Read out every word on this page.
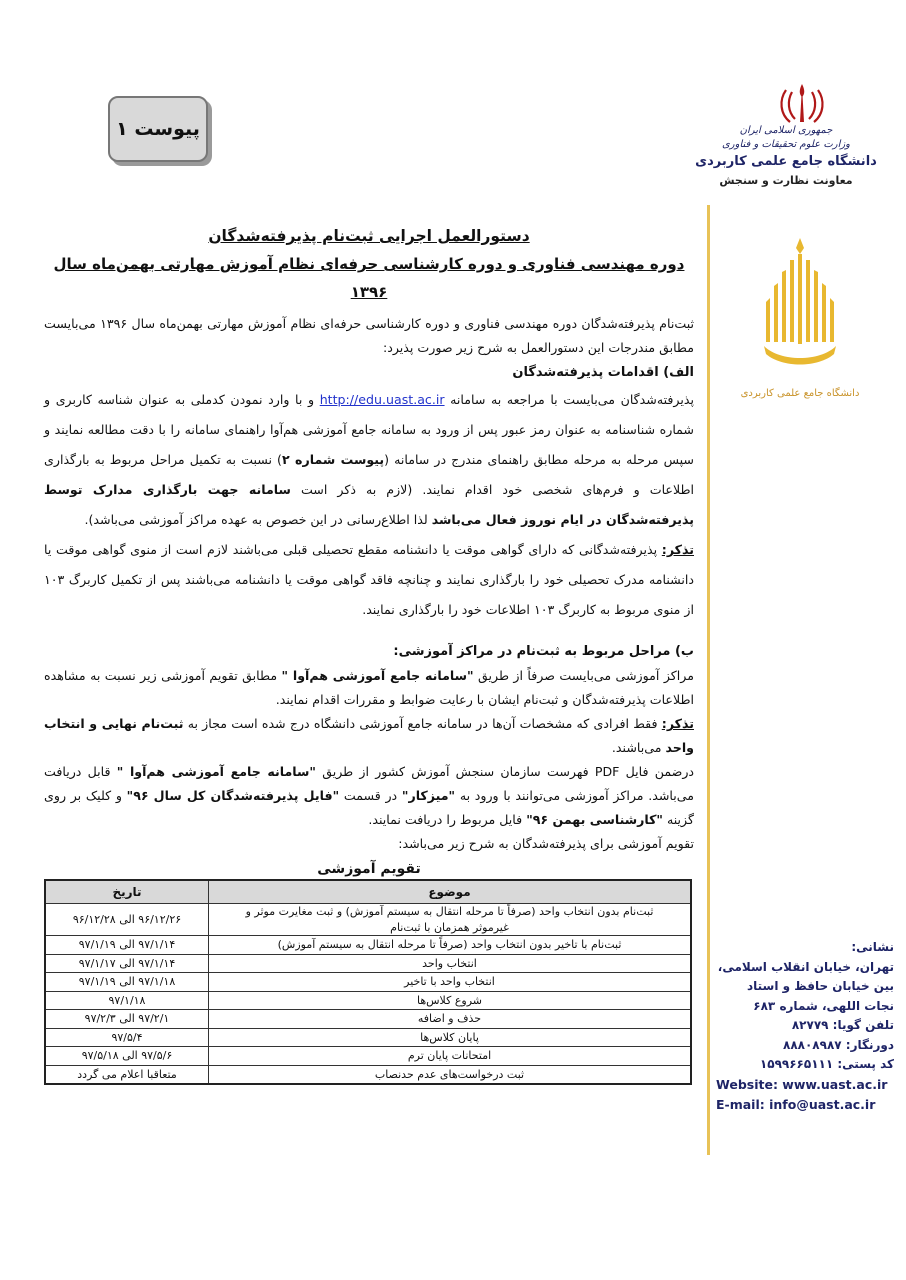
پیوست ۱	جمهوری اسلامی ایران
وزارت علوم تحقیقات و فناوری
دانشگاه جامع علمی کاربردی
معاونت نظارت و سنجش
دانشگاه جامع علمی کاربردی
نشانی:
تهران، خیابان انقلاب اسلامی،
بین خیابان حافظ و استاد
نجات اللهی، شماره ۶۸۳
تلفن گویا: ۸۲۷۷۹
دورنگار: ۸۸۸۰۸۹۸۷
کد پستی: ۱۵۹۹۶۶۵۱۱۱
Website: www.uast.ac.ir
E-mail: info@uast.ac.ir
دستورالعمل اجرایی ثبت‌نام پذیرفته‌شدگان
دوره مهندسی فناوری و دوره کارشناسی حرفه‌ای نظام آموزش مهارتی بهمن‌ماه سال ۱۳۹۶

ثبت‌نام پذیرفته‌شدگان دوره مهندسی فناوری و دوره کارشناسی حرفه‌ای نظام آموزش مهارتی بهمن‌ماه سال ۱۳۹۶ می‌بایست مطابق مندرجات این دستورالعمل به شرح زیر صورت پذیرد:

الف) اقدامات پذیرفته‌شدگان

پذیرفته‌شدگان می‌بایست با مراجعه به سامانه http://edu.uast.ac.ir و با وارد نمودن کدملی به عنوان شناسه کاربری و شماره شناسنامه به عنوان رمز عبور پس از ورود به سامانه جامع آموزشی هم‌آوا راهنمای سامانه را با دقت مطالعه نمایند و سپس مرحله به مرحله مطابق راهنمای مندرج در سامانه (پیوست شماره ۲) نسبت به تکمیل مراحل مربوط به بارگذاری اطلاعات و فرم‌های شخصی خود اقدام نمایند. (لازم به ذکر است سامانه جهت بارگذاری مدارک توسط پذیرفته‌شدگان در ایام نوروز فعال می‌باشد لذا اطلاع‌رسانی در این خصوص به عهده مراکز آموزشی می‌باشد).

تذکر: پذیرفته‌شدگانی که دارای گواهی موقت یا دانشنامه مقطع تحصیلی قبلی می‌باشند لازم است از منوی گواهی موقت یا دانشنامه مدرک تحصیلی خود را بارگذاری نمایند و چنانچه فاقد گواهی موقت یا دانشنامه می‌باشند پس از تکمیل کاربرگ ۱۰۳ از منوی مربوط به کاربرگ ۱۰۳ اطلاعات خود را بارگذاری نمایند.

ب) مراحل مربوط به ثبت‌نام در مراکز آموزشی:

مراکز آموزشی می‌بایست صرفاً از طریق "سامانه جامع آموزشی هم‌آوا " مطابق تقویم آموزشی زیر نسبت به مشاهده اطلاعات پذیرفته‌شدگان و ثبت‌نام ایشان با رعایت ضوابط و مقررات اقدام نمایند.

تذکر: فقط افرادی که مشخصات آن‌ها در سامانه جامع آموزشی دانشگاه درج شده است مجاز به ثبت‌نام نهایی و انتخاب واحد می‌باشند.

درضمن فایل PDF فهرست سازمان سنجش آموزش کشور از طریق "سامانه جامع آموزشی هم‌آوا " قابل دریافت می‌باشد. مراکز آموزشی می‌توانند با ورود به "میزکار" در قسمت "فایل پذیرفته‌شدگان کل سال ۹۶" و کلیک بر روی گزینه "کارشناسی بهمن ۹۶" فایل مربوط را دریافت نمایند.

تقویم آموزشی برای پذیرفته‌شدگان به شرح زیر می‌باشد:

تقویم آموزشی
موضوع	تاریخ
ثبت‌نام بدون انتخاب واحد (صرفاً تا مرحله انتقال به سیستم آموزش) و ثبت مغایرت موثر و غیرموثر همزمان با ثبت‌نام	۹۶/۱۲/۲۶ الی ۹۶/۱۲/۲۸
ثبت‌نام با تاخیر بدون انتخاب واحد (صرفاً تا مرحله انتقال به سیستم آموزش)	۹۷/۱/۱۴ الی ۹۷/۱/۱۹
انتخاب واحد	۹۷/۱/۱۴ الی ۹۷/۱/۱۷
انتخاب واحد با تاخیر	۹۷/۱/۱۸ الی ۹۷/۱/۱۹
شروع کلاس‌ها	۹۷/۱/۱۸
حذف و اضافه	۹۷/۲/۱ الی ۹۷/۲/۳
پایان کلاس‌ها	۹۷/۵/۴
امتحانات پایان ترم	۹۷/۵/۶ الی ۹۷/۵/۱۸
ثبت درخواست‌های عدم حدنصاب	متعاقبا اعلام می گردد
